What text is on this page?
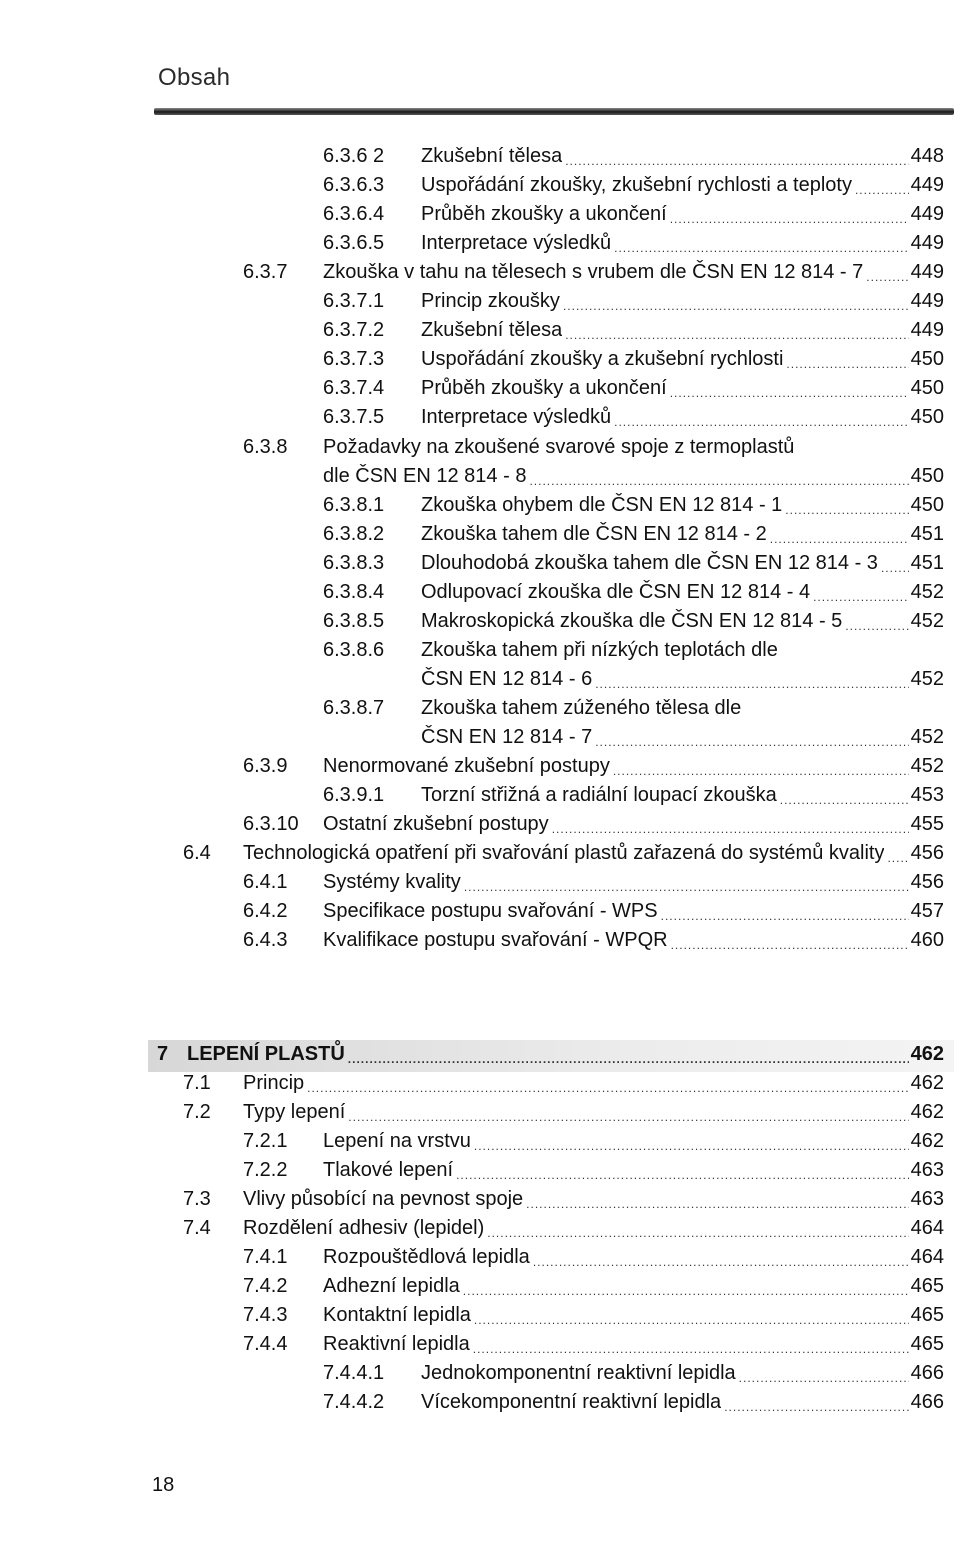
Obsah
6.3.6 2 Zkušební tělesa .....	448
6.3.6.3 Uspořádání zkoušky, zkušební rychlosti a teploty .....	449
6.3.6.4 Průběh zkoušky a ukončení .....	449
6.3.6.5 Interpretace výsledků .....	449
6.3.7 Zkouška v tahu na tělesech s vrubem dle ČSN EN 12 814 - 7 ..... 449
6.3.7.1 Princip zkoušky .....	449
6.3.7.2 Zkušební tělesa .....	449
6.3.7.3 Uspořádání zkoušky a zkušební rychlosti .....	450
6.3.7.4 Průběh zkoušky a ukončení .....	450
6.3.7.5 Interpretace výsledků .....	450
6.3.8 Požadavky na zkoušené svarové spoje z termoplastů
dle ČSN EN 12 814 - 8 .....	450
6.3.8.1 Zkouška ohybem dle ČSN EN 12 814 - 1 .....	450
6.3.8.2 Zkouška tahem dle ČSN EN 12 814 - 2 .....	451
6.3.8.3 Dlouhodobá zkouška tahem dle ČSN EN 12 814 - 3 ..... 451
6.3.8.4 Odlupovací zkouška dle ČSN EN 12 814 - 4 .....	452
6.3.8.5 Makroskopická zkouška dle ČSN EN 12 814 - 5 .....	452
6.3.8.6 Zkouška tahem při nízkých teplotách dle
ČSN EN 12 814 - 6 .....	452
6.3.8.7 Zkouška tahem zúženého tělesa dle
ČSN EN 12 814 - 7 .....	452
6.3.9 Nenormované zkušební postupy .....	452
6.3.9.1 Torzní střižná a radiální loupací zkouška .....	453
6.3.10 Ostatní zkušební postupy .....	455
6.4 Technologická opatření při svařování plastů zařazená do systémů kvality ..... 456
6.4.1 Systémy kvality .....	456
6.4.2 Specifikace postupu svařování - WPS .....	457
6.4.3 Kvalifikace postupu svařování - WPQR .....	460
7 LEPENÍ PLASTŮ .....	462
7.1 Princip .....	462
7.2 Typy lepení .....	462
7.2.1 Lepení na vrstvu .....	462
7.2.2 Tlakové lepení .....	463
7.3 Vlivy působící na pevnost spoje .....	463
7.4 Rozdělení adhesiv (lepidel) .....	464
7.4.1 Rozpouštědlová lepidla .....	464
7.4.2 Adhezní lepidla .....	465
7.4.3 Kontaktní lepidla .....	465
7.4.4 Reaktivní lepidla .....	465
7.4.4.1 Jednokomponentní reaktivní lepidla .....	466
7.4.4.2 Vícekomponentní reaktivní lepidla .....	466
18
